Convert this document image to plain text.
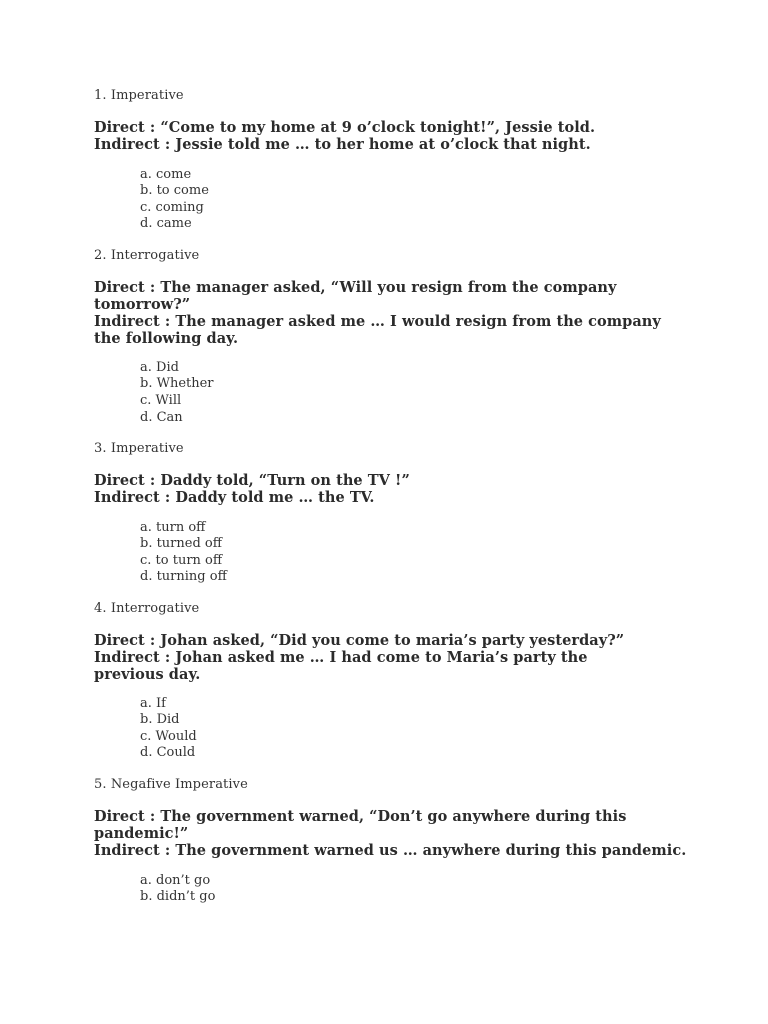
1. Imperative
Direct : “Come to my home at 9 o’clock tonight!”, Jessie told.
Indirect : Jessie told me … to her home at o’clock that night.
a. come
b. to come
c. coming
d. came
2. Interrogative
Direct : The manager asked, “Will you resign from the company tomorrow?”
Indirect : The manager asked me … I would resign from the company the following day.
a. Did
b. Whether
c. Will
d. Can
3. Imperative
Direct : Daddy told, “Turn on the TV !”
Indirect : Daddy told me … the TV.
a. turn off
b. turned off
c. to turn off
d. turning off
4. Interrogative
Direct : Johan asked, “Did you come to maria’s party yesterday?”
Indirect : Johan asked me … I had come to Maria’s party the previous day.
a. If
b. Did
c. Would
d. Could
5. Negafive Imperative
Direct : The government warned, “Don’t go anywhere during this pandemic!”
Indirect : The government warned us … anywhere during this pandemic.
a. don’t go
b. didn’t go
